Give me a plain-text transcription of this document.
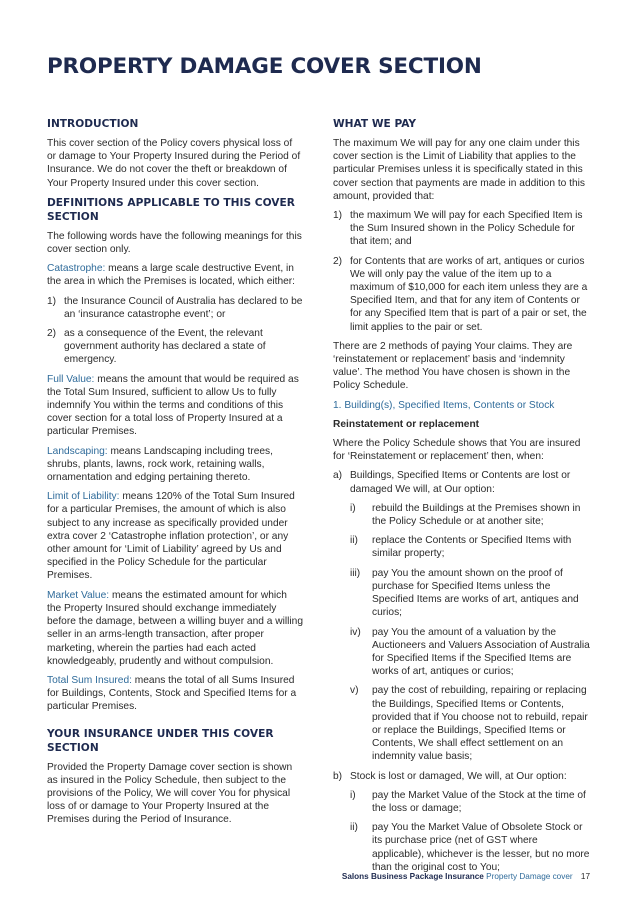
PROPERTY DAMAGE COVER SECTION
INTRODUCTION
This cover section of the Policy covers physical loss of or damage to Your Property Insured during the Period of Insurance. We do not cover the theft or breakdown of Your Property Insured under this cover section.
DEFINITIONS APPLICABLE TO THIS COVER SECTION
The following words have the following meanings for this cover section only.
Catastrophe: means a large scale destructive Event, in the area in which the Premises is located, which either:
1) the Insurance Council of Australia has declared to be an ‘insurance catastrophe event’; or
2) as a consequence of the Event, the relevant government authority has declared a state of emergency.
Full Value: means the amount that would be required as the Total Sum Insured, sufficient to allow Us to fully indemnify You within the terms and conditions of this cover section for a total loss of Property Insured at a particular Premises.
Landscaping: means Landscaping including trees, shrubs, plants, lawns, rock work, retaining walls, ornamentation and edging pertaining thereto.
Limit of Liability: means 120% of the Total Sum Insured for a particular Premises, the amount of which is also subject to any increase as specifically provided under extra cover 2 ‘Catastrophe inflation protection’, or any other amount for ‘Limit of Liability’ agreed by Us and specified in the Policy Schedule for the particular Premises.
Market Value: means the estimated amount for which the Property Insured should exchange immediately before the damage, between a willing buyer and a willing seller in an arms-length transaction, after proper marketing, wherein the parties had each acted knowledgeably, prudently and without compulsion.
Total Sum Insured: means the total of all Sums Insured for Buildings, Contents, Stock and Specified Items for a particular Premises.
YOUR INSURANCE UNDER THIS COVER SECTION
Provided the Property Damage cover section is shown as insured in the Policy Schedule, then subject to the provisions of the Policy, We will cover You for physical loss of or damage to Your Property Insured at the Premises during the Period of Insurance.
WHAT WE PAY
The maximum We will pay for any one claim under this cover section is the Limit of Liability that applies to the particular Premises unless it is specifically stated in this cover section that payments are made in addition to this amount, provided that:
1) the maximum We will pay for each Specified Item is the Sum Insured shown in the Policy Schedule for that item; and
2) for Contents that are works of art, antiques or curios We will only pay the value of the item up to a maximum of $10,000 for each item unless they are a Specified Item, and that for any item of Contents or for any Specified Item that is part of a pair or set, the limit applies to the pair or set.
There are 2 methods of paying Your claims. They are ‘reinstatement or replacement’ basis and ‘indemnity value’. The method You have chosen is shown in the Policy Schedule.
1. Building(s), Specified Items, Contents or Stock
Reinstatement or replacement
Where the Policy Schedule shows that You are insured for ‘Reinstatement or replacement’ then, when:
a) Buildings, Specified Items or Contents are lost or damaged We will, at Our option:
i)	rebuild the Buildings at the Premises shown in the Policy Schedule or at another site;
ii)	replace the Contents or Specified Items with similar property;
iii)	pay You the amount shown on the proof of purchase for Specified Items unless the Specified Items are works of art, antiques and curios;
iv)	pay You the amount of a valuation by the Auctioneers and Valuers Association of Australia for Specified Items if the Specified Items are works of art, antiques or curios;
v)	pay the cost of rebuilding, repairing or replacing the Buildings, Specified Items or Contents, provided that if You choose not to rebuild, repair or replace the Buildings, Specified Items or Contents, We shall effect settlement on an indemnity value basis;
b) Stock is lost or damaged, We will, at Our option:
i)	pay the Market Value of the Stock at the time of the loss or damage;
ii)	pay You the Market Value of Obsolete Stock or its purchase price (net of GST where applicable), whichever is the lesser, but no more than the original cost to You;
Salons Business Package Insurance Property Damage cover 17
